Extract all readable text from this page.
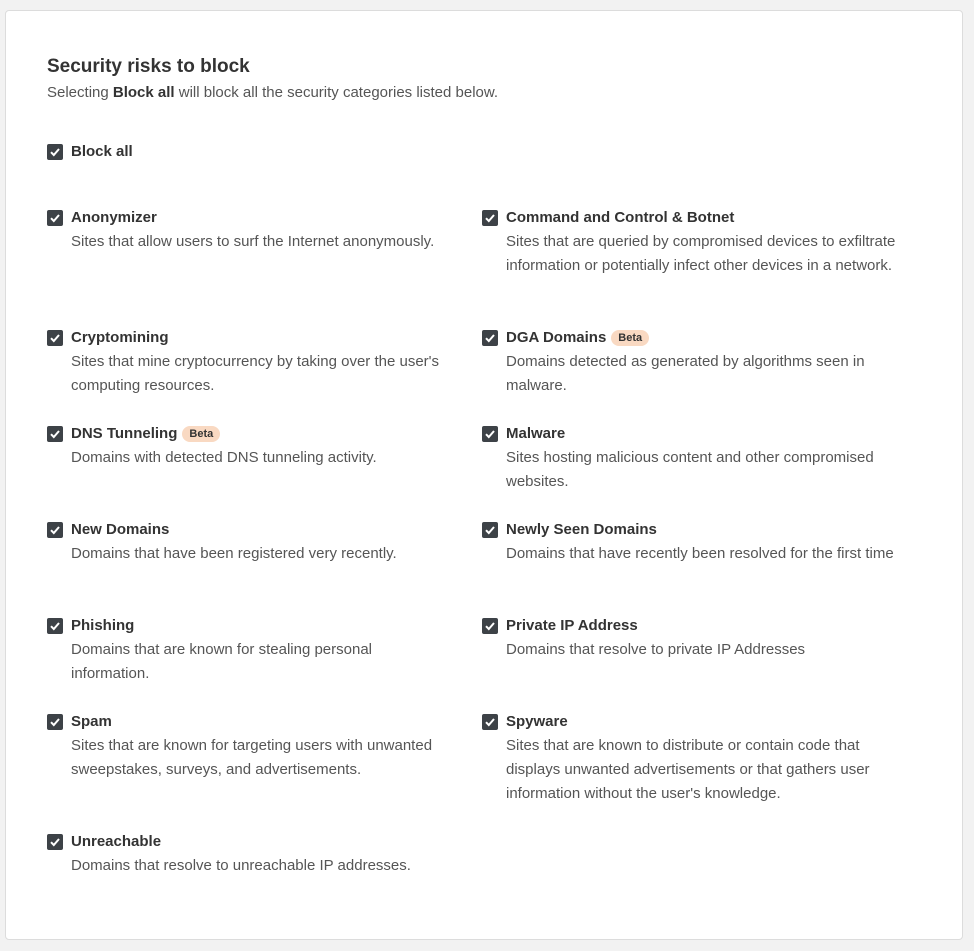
Security risks to block
Selecting Block all will block all the security categories listed below.
Block all
Anonymizer
Sites that allow users to surf the Internet anonymously.
Command and Control & Botnet
Sites that are queried by compromised devices to exfiltrate information or potentially infect other devices in a network.
Cryptomining
Sites that mine cryptocurrency by taking over the user's computing resources.
DGA Domains	Beta
Domains detected as generated by algorithms seen in malware.
DNS Tunneling	Beta
Domains with detected DNS tunneling activity.
Malware
Sites hosting malicious content and other compromised websites.
New Domains
Domains that have been registered very recently.
Newly Seen Domains
Domains that have recently been resolved for the first time
Phishing
Domains that are known for stealing personal information.
Private IP Address
Domains that resolve to private IP Addresses
Spam
Sites that are known for targeting users with unwanted sweepstakes, surveys, and advertisements.
Spyware
Sites that are known to distribute or contain code that displays unwanted advertisements or that gathers user information without the user's knowledge.
Unreachable
Domains that resolve to unreachable IP addresses.
